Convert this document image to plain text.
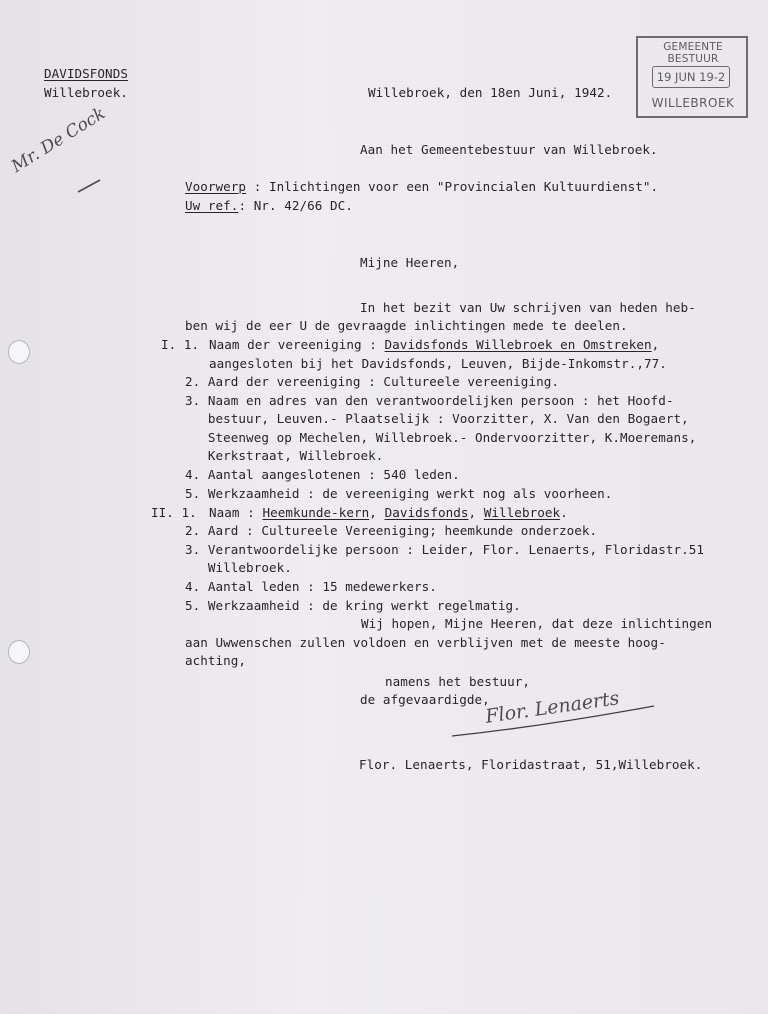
DAVIDSFONDS
Willebroek.	Willebroek, den 18en Juni, 1942.
GEMEENTE BESTUUR
19 JUN 19-2
WILLEBROEK
Mr. De Cock	Aan het Gemeentebestuur van Willebroek.
Voorwerp : Inlichtingen voor een "Provincialen Kultuurdienst".
Uw ref.: Nr. 42/66 DC.
Mijne Heeren,
In het bezit van Uw schrijven van heden heb-
ben wij de eer U de gevraagde inlichtingen mede te deelen.
I. 1. Naam der vereeniging : Davidsfonds Willebroek en Omstreken,
aangesloten bij het Davidsfonds, Leuven, Bijde-Inkomstr.,77.
2. Aard der vereeniging : Cultureele vereeniging.
3. Naam en adres van den verantwoordelijken persoon : het Hoofd-
bestuur, Leuven.- Plaatselijk : Voorzitter, X. Van den Bogaert,
Steenweg op Mechelen, Willebroek.- Ondervoorzitter, K.Moeremans,
Kerkstraat, Willebroek.
4. Aantal aangeslotenen : 540 leden.
5. Werkzaamheid : de vereeniging werkt nog als voorheen.
II. 1. Naam : Heemkunde-kern, Davidsfonds, Willebroek.
2. Aard : Cultureele Vereeniging; heemkunde onderzoek.
3. Verantwoordelijke persoon : Leider, Flor. Lenaerts, Floridastr.51
Willebroek.
4. Aantal leden : 15 medewerkers.
5. Werkzaamheid : de kring werkt regelmatig.
Wij hopen, Mijne Heeren, dat deze inlichtingen
aan Uwwenschen zullen voldoen en verblijven met de meeste hoog-
achting,
namens het bestuur,
de afgevaardigde,
Flor. Lenaerts
Flor. Lenaerts, Floridastraat, 51,Willebroek.
